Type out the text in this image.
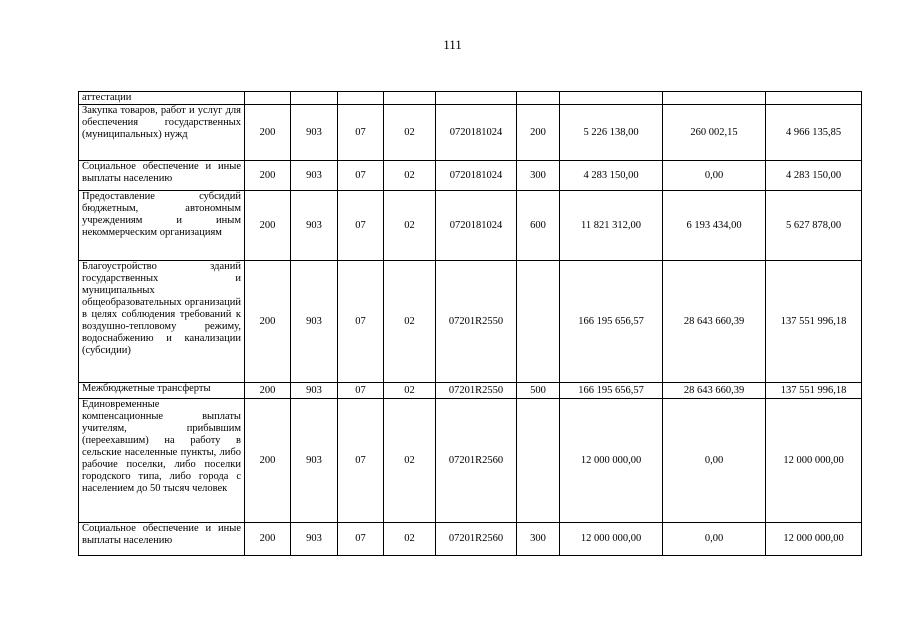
111
аттестации									
Закупка товаров, работ и услуг для обеспечения государственных (муниципальных) нужд	200	903	07	02	0720181024	200	5 226 138,00	260 002,15	4 966 135,85
Социальное обеспечение и иные выплаты населению	200	903	07	02	0720181024	300	4 283 150,00	0,00	4 283 150,00
Предоставление субсидий бюджетным, автономным учреждениям и иным некоммерческим организациям	200	903	07	02	0720181024	600	11 821 312,00	6 193 434,00	5 627 878,00
Благоустройство зданий государственных и муниципальных общеобразовательных организаций в целях соблюдения требований к воздушно-тепловому режиму, водоснабжению и канализации (субсидии)	200	903	07	02	07201R2550		166 195 656,57	28 643 660,39	137 551 996,18
Межбюджетные трансферты	200	903	07	02	07201R2550	500	166 195 656,57	28 643 660,39	137 551 996,18
Единовременные компенсационные выплаты учителям, прибывшим (переехавшим) на работу в сельские населенные пункты, либо рабочие поселки, либо поселки городского типа, либо города с населением до 50 тысяч человек	200	903	07	02	07201R2560		12 000 000,00	0,00	12 000 000,00
Социальное обеспечение и иные выплаты населению	200	903	07	02	07201R2560	300	12 000 000,00	0,00	12 000 000,00
